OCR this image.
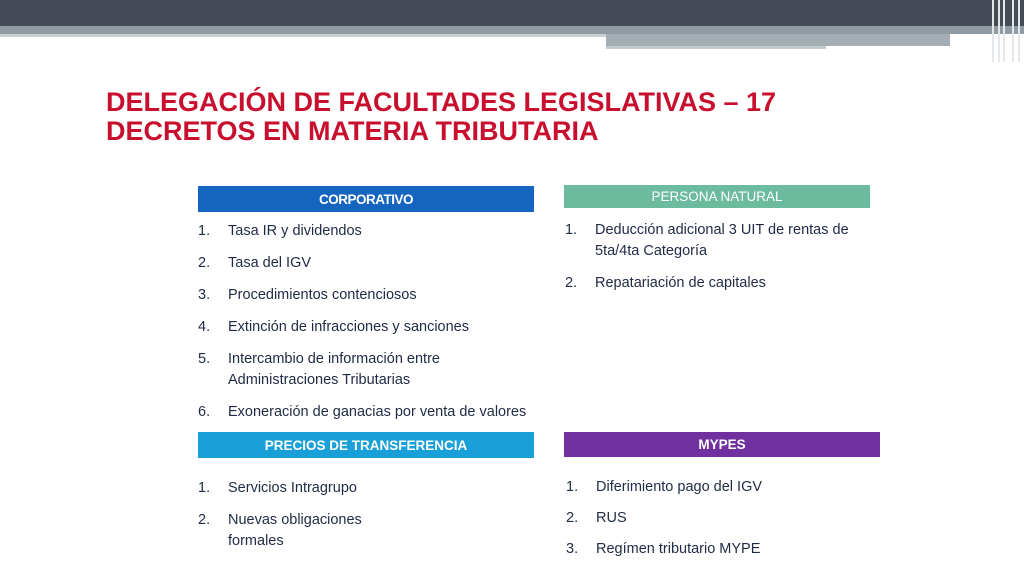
DELEGACIÓN DE FACULTADES LEGISLATIVAS – 17
DECRETOS EN MATERIA TRIBUTARIA
CORPORATIVO
1. Tasa IR y dividendos
2. Tasa del IGV
3. Procedimientos contenciosos
4. Extinción de infracciones y sanciones
5. Intercambio de información entre Administraciones Tributarias
6. Exoneración de ganacias por venta de valores
PERSONA NATURAL
1. Deducción adicional 3 UIT de rentas de 5ta/4ta Categoría
2. Repatariación de capitales
PRECIOS DE TRANSFERENCIA
1. Servicios Intragrupo
2. Nuevas obligaciones formales
MYPES
1. Diferimiento pago del IGV
2. RUS
3. Regímen tributario MYPE
